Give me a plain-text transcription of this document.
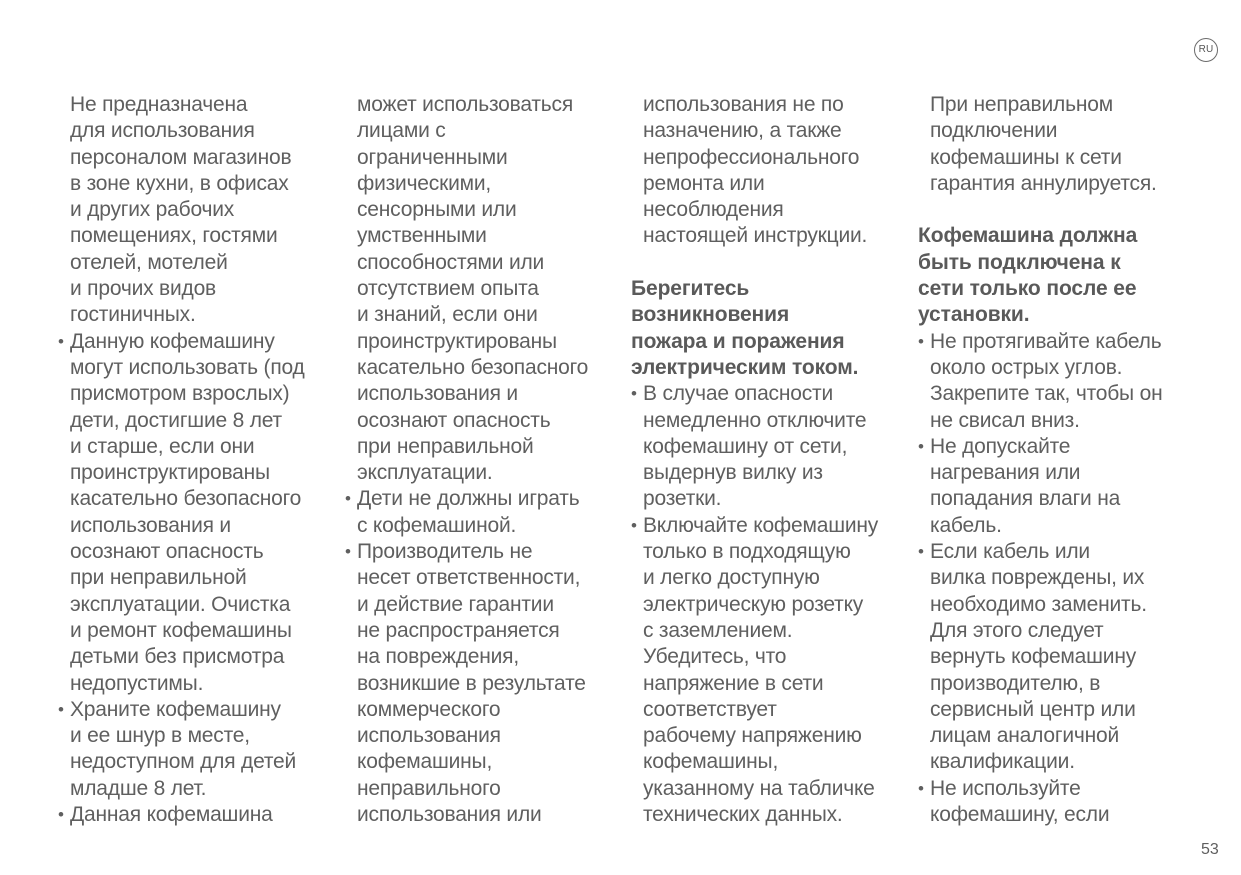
RU
Не предназначена
для использования
персоналом магазинов
в зоне кухни, в офисах
и других рабочих
помещениях, гостями
отелей, мотелей
и прочих видов
гостиничных.
• Данную кофемашину
могут использовать (под
присмотром взрослых)
дети, достигшие 8 лет
и старше, если они
проинструктированы
касательно безопасного
использования и
осознают опасность
при неправильной
эксплуатации. Очистка
и ремонт кофемашины
детьми без присмотра
недопустимы.
• Храните кофемашину
и ее шнур в месте,
недоступном для детей
младше 8 лет.
• Данная кофемашина
может использоваться
лицами с
ограниченными
физическими,
сенсорными или
умственными
способностями или
отсутствием опыта
и знаний, если они
проинструктированы
касательно безопасного
использования и
осознают опасность
при неправильной
эксплуатации.
• Дети не должны играть
с кофемашиной.
• Производитель не
несет ответственности,
и действие гарантии
не распространяется
на повреждения,
возникшие в результате
коммерческого
использования
кофемашины,
неправильного
использования или
использования не по
назначению, а также
непрофессионального
ремонта или
несоблюдения
настоящей инструкции.
Берегитесь
возникновения
пожара и поражения
электрическим током.
• В случае опасности
немедленно отключите
кофемашину от сети,
выдернув вилку из
розетки.
• Включайте кофемашину
только в подходящую
и легко доступную
электрическую розетку
с заземлением.
Убедитесь, что
напряжение в сети
соответствует
рабочему напряжению
кофемашины,
указанному на табличке
технических данных.
При неправильном
подключении
кофемашины к сети
гарантия аннулируется.
Кофемашина должна
быть подключена к
сети только после ее
установки.
• Не протягивайте кабель
около острых углов.
Закрепите так, чтобы он
не свисал вниз.
• Не допускайте
нагревания или
попадания влаги на
кабель.
• Если кабель или
вилка повреждены, их
необходимо заменить.
Для этого следует
вернуть кофемашину
производителю, в
сервисный центр или
лицам аналогичной
квалификации.
• Не используйте
кофемашину, если
53
